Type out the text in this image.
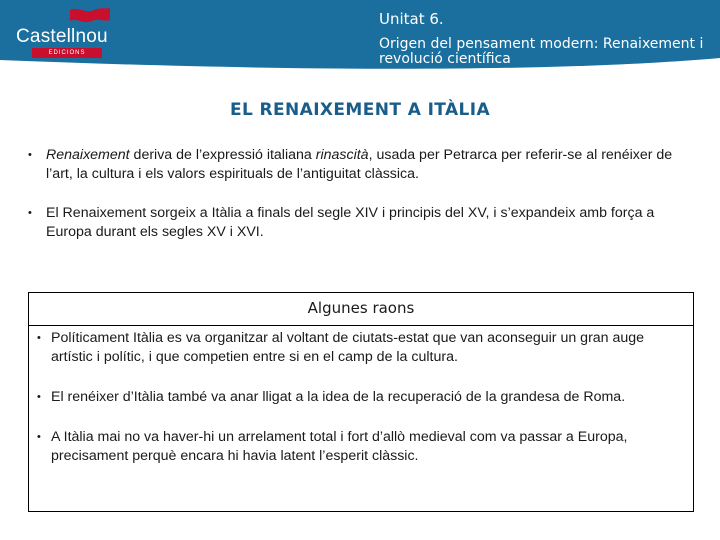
Castellnou
EDICIONS
Unitat 6.
Origen del pensament modern: Renaixement i revolució científica
EL RENAIXEMENT A ITÀLIA
• Renaixement deriva de l’expressió italiana rinascità, usada per Petrarca per referir-se al renéixer de l’art, la cultura i els valors espirituals de l’antiguitat clàssica.
• El Renaixement sorgeix a Itàlia a finals del segle XIV i principis del XV, i s’expandeix amb força a Europa durant els segles XV i XVI.
Algunes raons
• Políticament Itàlia es va organitzar al voltant de ciutats-estat que van aconseguir un gran auge artístic i polític, i que competien entre si en el camp de la cultura.
• El renéixer d’Itàlia també va anar lligat a la idea de la recuperació de la grandesa de Roma.
• A Itàlia mai no va haver-hi un arrelament total i fort d’allò medieval com va passar a Europa, precisament perquè encara hi havia latent l’esperit clàssic.
